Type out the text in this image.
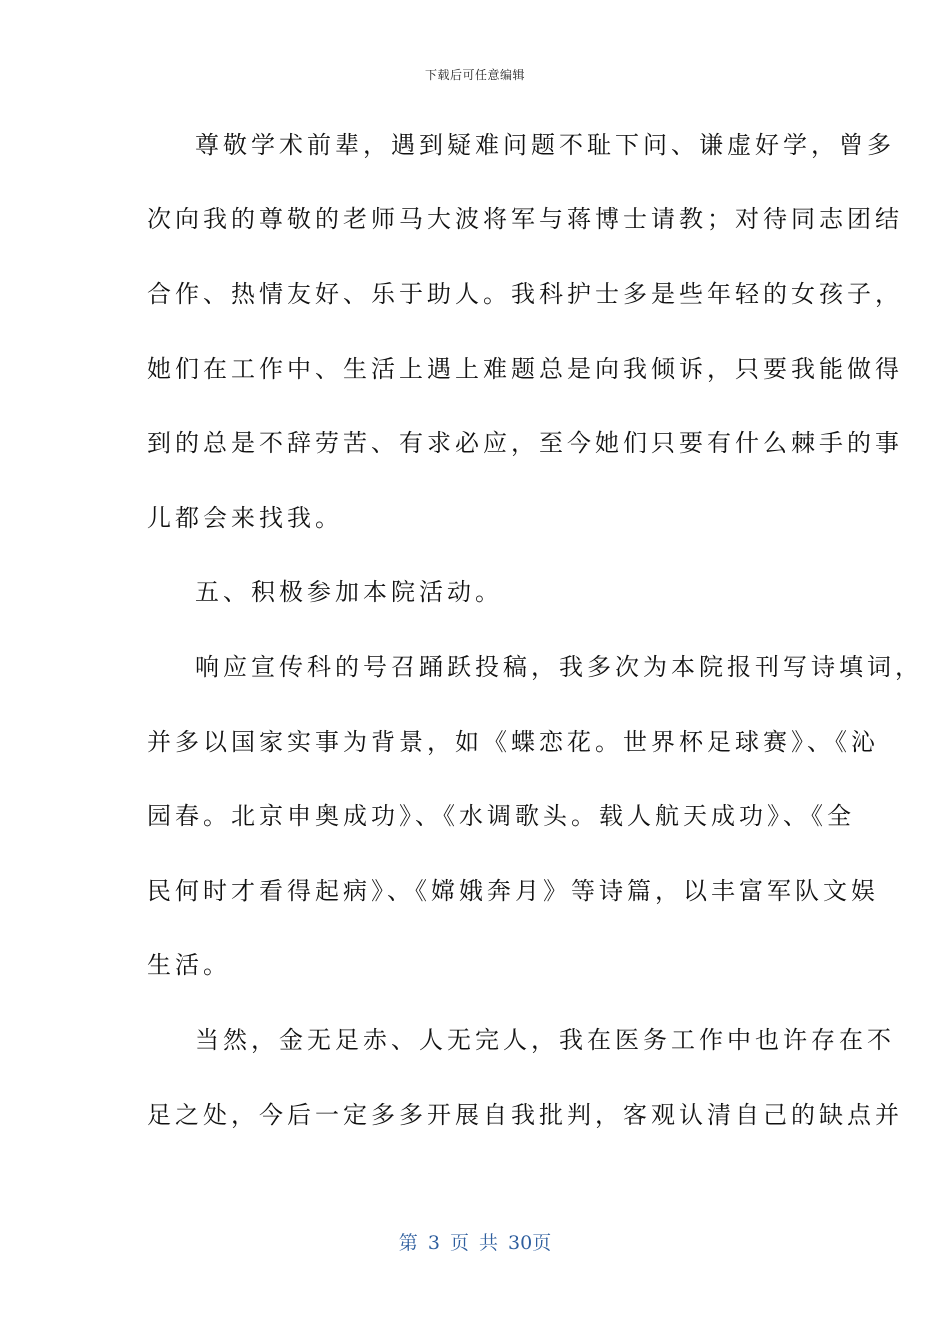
下载后可任意编辑
尊敬学术前辈，遇到疑难问题不耻下问、谦虚好学，曾多
次向我的尊敬的老师马大波将军与蒋博士请教；对待同志团结
合作、热情友好、乐于助人。我科护士多是些年轻的女孩子，
她们在工作中、生活上遇上难题总是向我倾诉，只要我能做得
到的总是不辞劳苦、有求必应，至今她们只要有什么棘手的事
儿都会来找我。
五、积极参加本院活动。
响应宣传科的号召踊跃投稿，我多次为本院报刊写诗填词，
并多以国家实事为背景，如《蝶恋花。世界杯足球赛》、《沁
园春。北京申奥成功》、《水调歌头。载人航天成功》、《全
民何时才看得起病》、《嫦娥奔月》等诗篇，以丰富军队文娱
生活。
当然，金无足赤、人无完人，我在医务工作中也许存在不
足之处，今后一定多多开展自我批判，客观认清自己的缺点并
第 3 页 共 30页
